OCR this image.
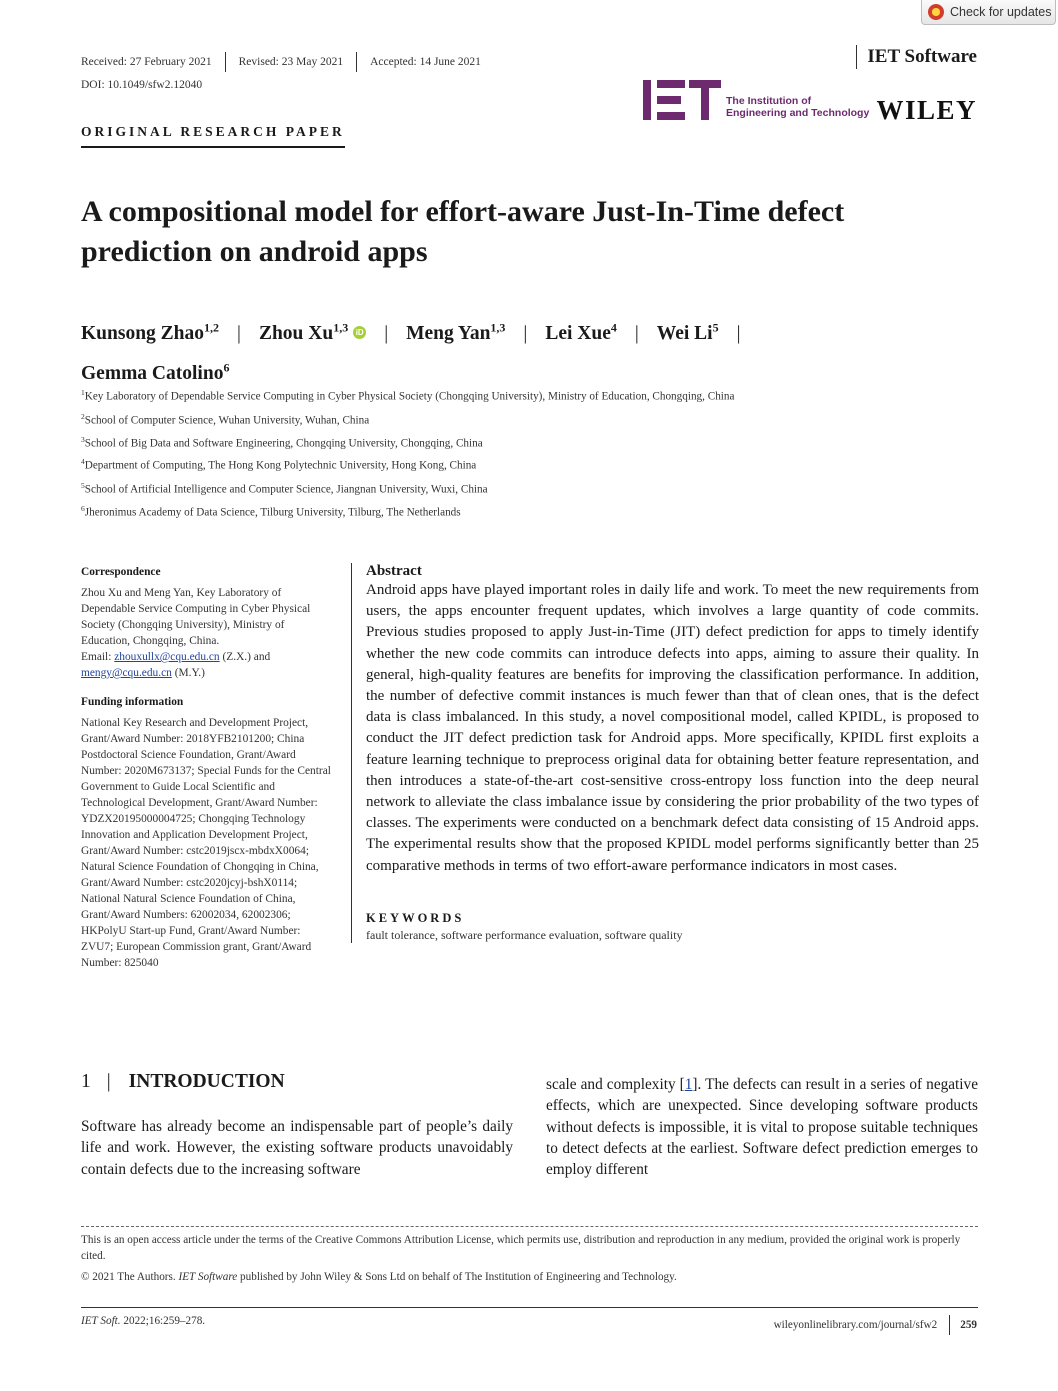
Check for updates
Received: 27 February 2021 Revised: 23 May 2021 Accepted: 14 June 2021
DOI: 10.1049/sfw2.12040
IET Software
ORIGINAL RESEARCH PAPER
The Institution of
Engineering and Technology WILEY
A compositional model for effort-aware Just-In-Time defect prediction on android apps
Kunsong Zhao$^{1,2}$ | Zhou Xu$^{1,3}$ iD | Meng Yan$^{1,3}$ | Lei Xue$^4$ | Wei Li$^5$ |
Gemma Catolino$^6$
$^1$Key Laboratory of Dependable Service Computing in Cyber Physical Society (Chongqing University), Ministry of Education, Chongqing, China
$^2$School of Computer Science, Wuhan University, Wuhan, China
$^3$School of Big Data and Software Engineering, Chongqing University, Chongqing, China
$^4$Department of Computing, The Hong Kong Polytechnic University, Hong Kong, China
$^5$School of Artificial Intelligence and Computer Science, Jiangnan University, Wuxi, China
$^6$Jheronimus Academy of Data Science, Tilburg University, Tilburg, The Netherlands
Correspondence

Zhou Xu and Meng Yan, Key Laboratory of Dependable Service Computing in Cyber Physical Society (Chongqing University), Ministry of Education, Chongqing, China.
Email: zhouxullx@cqu.edu.cn (Z.X.) and
mengy@cqu.edu.cn (M.Y.)

Funding information

National Key Research and Development Project, Grant/Award Number: 2018YFB2101200; China Postdoctoral Science Foundation, Grant/Award Number: 2020M673137; Special Funds for the Central Government to Guide Local Scientific and Technological Development, Grant/Award Number: YDZX20195000004725; Chongqing Technology Innovation and Application Development Project, Grant/Award Number: cstc2019jscx-mbdxX0064; Natural Science Foundation of Chongqing in China, Grant/Award Number: cstc2020jcyj-bshX0114; National Natural Science Foundation of China, Grant/Award Numbers: 62002034, 62002306; HKPolyU Start-up Fund, Grant/Award Number: ZVU7; European Commission grant, Grant/Award Number: 825040

Abstract

Android apps have played important roles in daily life and work. To meet the new requirements from users, the apps encounter frequent updates, which involves a large quantity of code commits. Previous studies proposed to apply Just-in-Time (JIT) defect prediction for apps to timely identify whether the new code commits can introduce defects into apps, aiming to assure their quality. In general, high-quality features are benefits for improving the classification performance. In addition, the number of defective commit instances is much fewer than that of clean ones, that is the defect data is class imbalanced. In this study, a novel compositional model, called KPIDL, is proposed to conduct the JIT defect prediction task for Android apps. More specifically, KPIDL first exploits a feature learning technique to preprocess original data for obtaining better feature representation, and then introduces a state-of-the-art cost-sensitive cross-entropy loss function into the deep neural network to alleviate the class imbalance issue by considering the prior probability of the two types of classes. The experiments were conducted on a benchmark defect data consisting of 15 Android apps. The experimental results show that the proposed KPIDL model performs significantly better than 25 comparative methods in terms of two effort-aware performance indicators in most cases.

KEYWORDS
fault tolerance, software performance evaluation, software quality
1 | INTRODUCTION
Software has already become an indispensable part of people’s daily life and work. However, the existing software products unavoidably contain defects due to the increasing software
scale and complexity [1]. The defects can result in a series of negative effects, which are unexpected. Since developing software products without defects is impossible, it is vital to propose suitable techniques to detect defects at the earliest. Software defect prediction emerges to employ different
This is an open access article under the terms of the Creative Commons Attribution License, which permits use, distribution and reproduction in any medium, provided the original work is properly cited.
© 2021 The Authors. IET Software published by John Wiley & Sons Ltd on behalf of The Institution of Engineering and Technology.
IET Soft. 2022;16:259–278.	wileyonlinelibrary.com/journal/sfw2 259
